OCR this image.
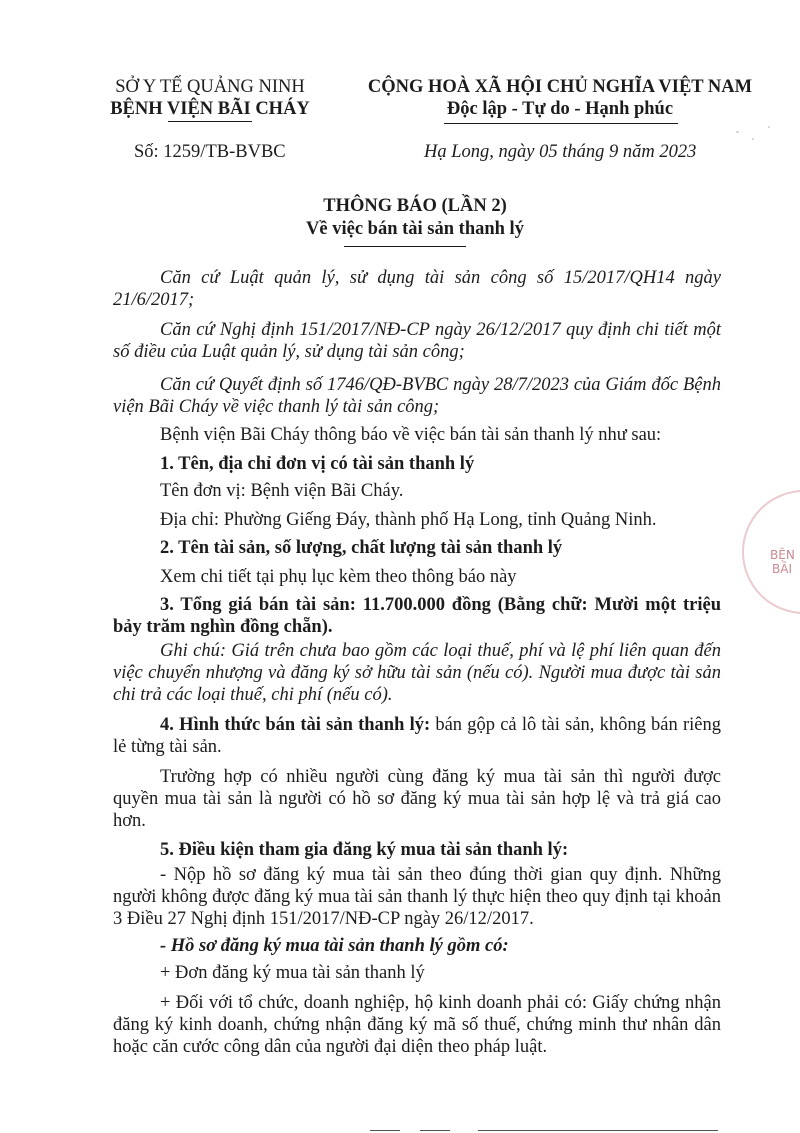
SỞ Y TẾ QUẢNG NINH
BỆNH VIỆN BÃI CHÁY
CỘNG HOÀ XÃ HỘI CHỦ NGHĨA VIỆT NAM
Độc lập - Tự do - Hạnh phúc
Số: 1259/TB-BVBC	Hạ Long, ngày 05 tháng 9 năm 2023
THÔNG BÁO (LẦN 2)
Về việc bán tài sản thanh lý
Căn cứ Luật quản lý, sử dụng tài sản công số 15/2017/QH14 ngày 21/6/2017;
Căn cứ Nghị định 151/2017/NĐ-CP ngày 26/12/2017 quy định chi tiết một số điều của Luật quản lý, sử dụng tài sản công;
Căn cứ Quyết định số 1746/QĐ-BVBC ngày 28/7/2023 của Giám đốc Bệnh viện Bãi Cháy về việc thanh lý tài sản công;
Bệnh viện Bãi Cháy thông báo về việc bán tài sản thanh lý như sau:
1. Tên, địa chỉ đơn vị có tài sản thanh lý
Tên đơn vị: Bệnh viện Bãi Cháy.
Địa chỉ: Phường Giếng Đáy, thành phố Hạ Long, tỉnh Quảng Ninh.
2. Tên tài sản, số lượng, chất lượng tài sản thanh lý
Xem chi tiết tại phụ lục kèm theo thông báo này
3. Tổng giá bán tài sản: 11.700.000 đồng (Bằng chữ: Mười một triệu bảy trăm nghìn đồng chẵn).
Ghi chú: Giá trên chưa bao gồm các loại thuế, phí và lệ phí liên quan đến việc chuyển nhượng và đăng ký sở hữu tài sản (nếu có). Người mua được tài sản chi trả các loại thuế, chi phí (nếu có).
4. Hình thức bán tài sản thanh lý: bán gộp cả lô tài sản, không bán riêng lẻ từng tài sản.
Trường hợp có nhiều người cùng đăng ký mua tài sản thì người được quyền mua tài sản là người có hồ sơ đăng ký mua tài sản hợp lệ và trả giá cao hơn.
5. Điều kiện tham gia đăng ký mua tài sản thanh lý:
- Nộp hồ sơ đăng ký mua tài sản theo đúng thời gian quy định. Những người không được đăng ký mua tài sản thanh lý thực hiện theo quy định tại khoản 3 Điều 27 Nghị định 151/2017/NĐ-CP ngày 26/12/2017.
- Hồ sơ đăng ký mua tài sản thanh lý gồm có:
+ Đơn đăng ký mua tài sản thanh lý
+ Đối với tổ chức, doanh nghiệp, hộ kinh doanh phải có: Giấy chứng nhận đăng ký kinh doanh, chứng nhận đăng ký mã số thuế, chứng minh thư nhân dân hoặc căn cước công dân của người đại diện theo pháp luật.
BỆN
BÃI
